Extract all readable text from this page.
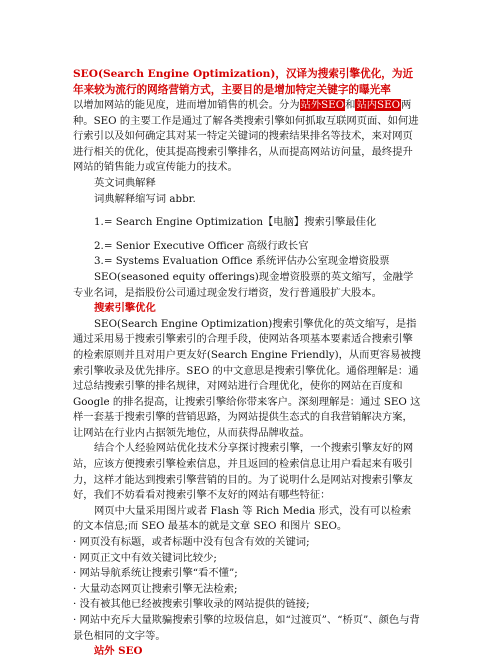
SEO(Search Engine Optimization)，汉译为搜索引擎优化，为近年来较为流行的网络营销方式，主要目的是增加特定关键字的曝光率

以增加网站的能见度，进而增加销售的机会。分为站外SEO和站内SEO两种。SEO 的主要工作是通过了解各类搜索引擎如何抓取互联网页面、如何进行索引以及如何确定其对某一特定关键词的搜索结果排名等技术，来对网页进行相关的优化，使其提高搜索引擎排名，从而提高网站访问量，最终提升网站的销售能力或宣传能力的技术。

英文词典解释

词典解释缩写词 abbr.

1.= Search Engine Optimization【电脑】搜索引擎最佳化

2.= Senior Executive Officer 高级行政长官

3.= Systems Evaluation Office 系统评估办公室现金增资股票

SEO(seasoned equity offerings)现金增资股票的英文缩写，金融学专业名词，是指股份公司通过现金发行增资，发行普通股扩大股本。

搜索引擎优化

SEO(Search Engine Optimization)搜索引擎优化的英文缩写，是指通过采用易于搜索引擎索引的合理手段，使网站各项基本要素适合搜索引擎的检索原则并且对用户更友好(Search Engine Friendly)，从而更容易被搜索引擎收录及优先排序。SEO 的中文意思是搜索引擎优化。通俗理解是：通过总结搜索引擎的排名规律，对网站进行合理优化，使你的网站在百度和 Google 的排名提高，让搜索引擎给你带来客户。深刻理解是：通过 SEO 这样一套基于搜索引擎的营销思路，为网站提供生态式的自我营销解决方案，让网站在行业内占据领先地位，从而获得品牌收益。

结合个人经验网站优化技术分享探讨搜索引擎，一个搜索引擎友好的网站，应该方便搜索引擎检索信息，并且返回的检索信息让用户看起来有吸引力，这样才能达到搜索引擎营销的目的。为了说明什么是网站对搜索引擎友好，我们不妨看看对搜索引擎不友好的网站有哪些特征：

网页中大量采用图片或者 Flash 等 Rich Media 形式，没有可以检索的文本信息;而 SEO 最基本的就是文章 SEO 和图片 SEO。

· 网页没有标题，或者标题中没有包含有效的关键词;

· 网页正文中有效关键词比较少;

· 网站导航系统让搜索引擎“看不懂”;

· 大量动态网页让搜索引擎无法检索;

· 没有被其他已经被搜索引擎收录的网站提供的链接;

· 网站中充斥大量欺骗搜索引擎的垃圾信息，如“过渡页”、“桥页”、颜色与背景色相同的文字等。

站外 SEO
